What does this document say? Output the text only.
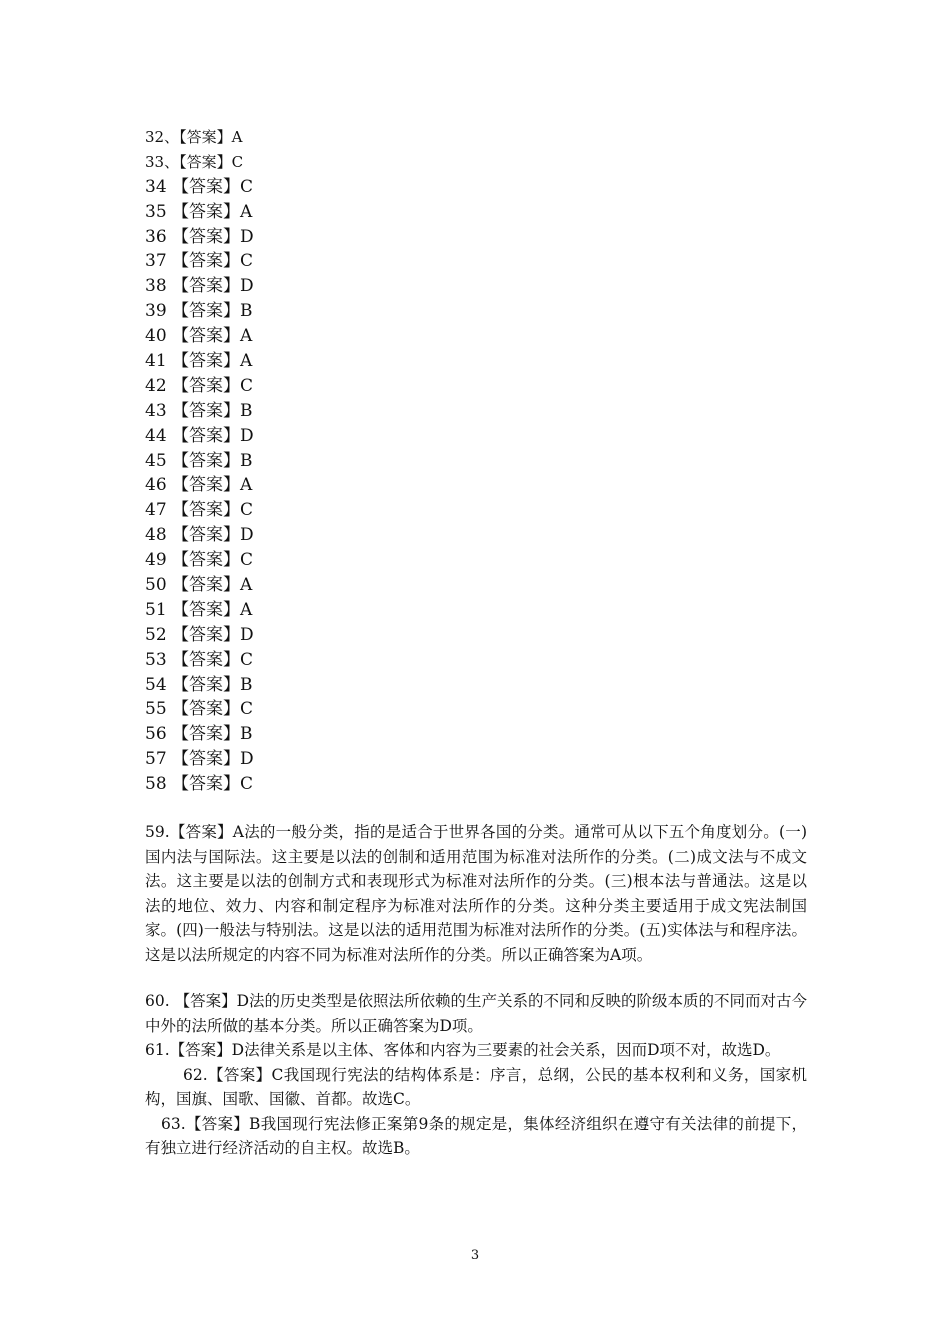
32、【答案】A
33、【答案】C
34 【答案】C
35 【答案】A
36 【答案】D
37 【答案】C
38 【答案】D
39 【答案】B
40 【答案】A
41 【答案】A
42 【答案】C
43 【答案】B
44 【答案】D
45 【答案】B
46 【答案】A
47 【答案】C
48 【答案】D
49 【答案】C
50 【答案】A
51 【答案】A
52 【答案】D
53 【答案】C
54 【答案】B
55 【答案】C
56 【答案】B
57 【答案】D
58 【答案】C

59.【答案】A法的一般分类，指的是适合于世界各国的分类。通常可从以下五个角度划分。(一)国内法与国际法。这主要是以法的创制和适用范围为标准对法所作的分类。(二)成文法与不成文法。这主要是以法的创制方式和表现形式为标准对法所作的分类。(三)根本法与普通法。这是以法的地位、效力、内容和制定程序为标准对法所作的分类。这种分类主要适用于成文宪法制国家。(四)一般法与特别法。这是以法的适用范围为标准对法所作的分类。(五)实体法与和程序法。这是以法所规定的内容不同为标准对法所作的分类。所以正确答案为A项。

60. 【答案】D法的历史类型是依照法所依赖的生产关系的不同和反映的阶级本质的不同而对古今中外的法所做的基本分类。所以正确答案为D项。

61.【答案】D法律关系是以主体、客体和内容为三要素的社会关系，因而D项不对，故选D。

62.【答案】C我国现行宪法的结构体系是：序言，总纲，公民的基本权利和义务，国家机构，国旗、国歌、国徽、首都。故选C。

63.【答案】B我国现行宪法修正案第9条的规定是，集体经济组织在遵守有关法律的前提下，有独立进行经济活动的自主权。故选B。

3
